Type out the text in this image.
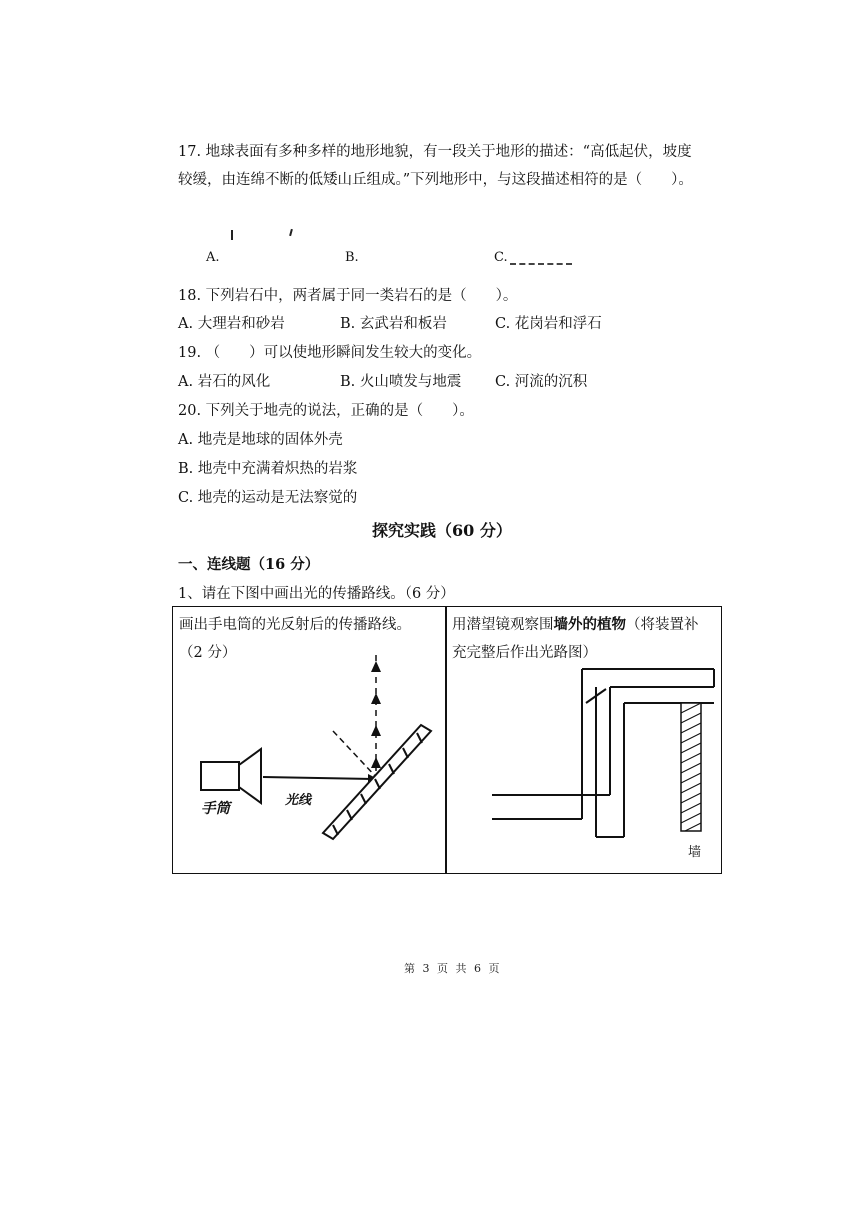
17. 地球表面有多种多样的地形地貌，有一段关于地形的描述：“高低起伏，坡度
较缓，由连绵不断的低矮山丘组成。”下列地形中，与这段描述相符的是（　　）。
A.	B.	C.
18. 下列岩石中，两者属于同一类岩石的是（　　）。
A. 大理岩和砂岩	B. 玄武岩和板岩	C. 花岗岩和浮石
19. （　　）可以使地形瞬间发生较大的变化。
A. 岩石的风化	B. 火山喷发与地震 C. 河流的沉积
20. 下列关于地壳的说法，正确的是（　　）。
A. 地壳是地球的固体外壳
B. 地壳中充满着炽热的岩浆
C. 地壳的运动是无法察觉的
探究实践（60 分）
一、连线题（16 分）
1、请在下图中画出光的传播路线。（6 分）
画出手电筒的光反射后的传播路线。
（2 分）
手筒	光线
用潜望镜观察围墙外的植物（将装置补
充完整后作出光路图）
墙
第 3 页 共 6 页
